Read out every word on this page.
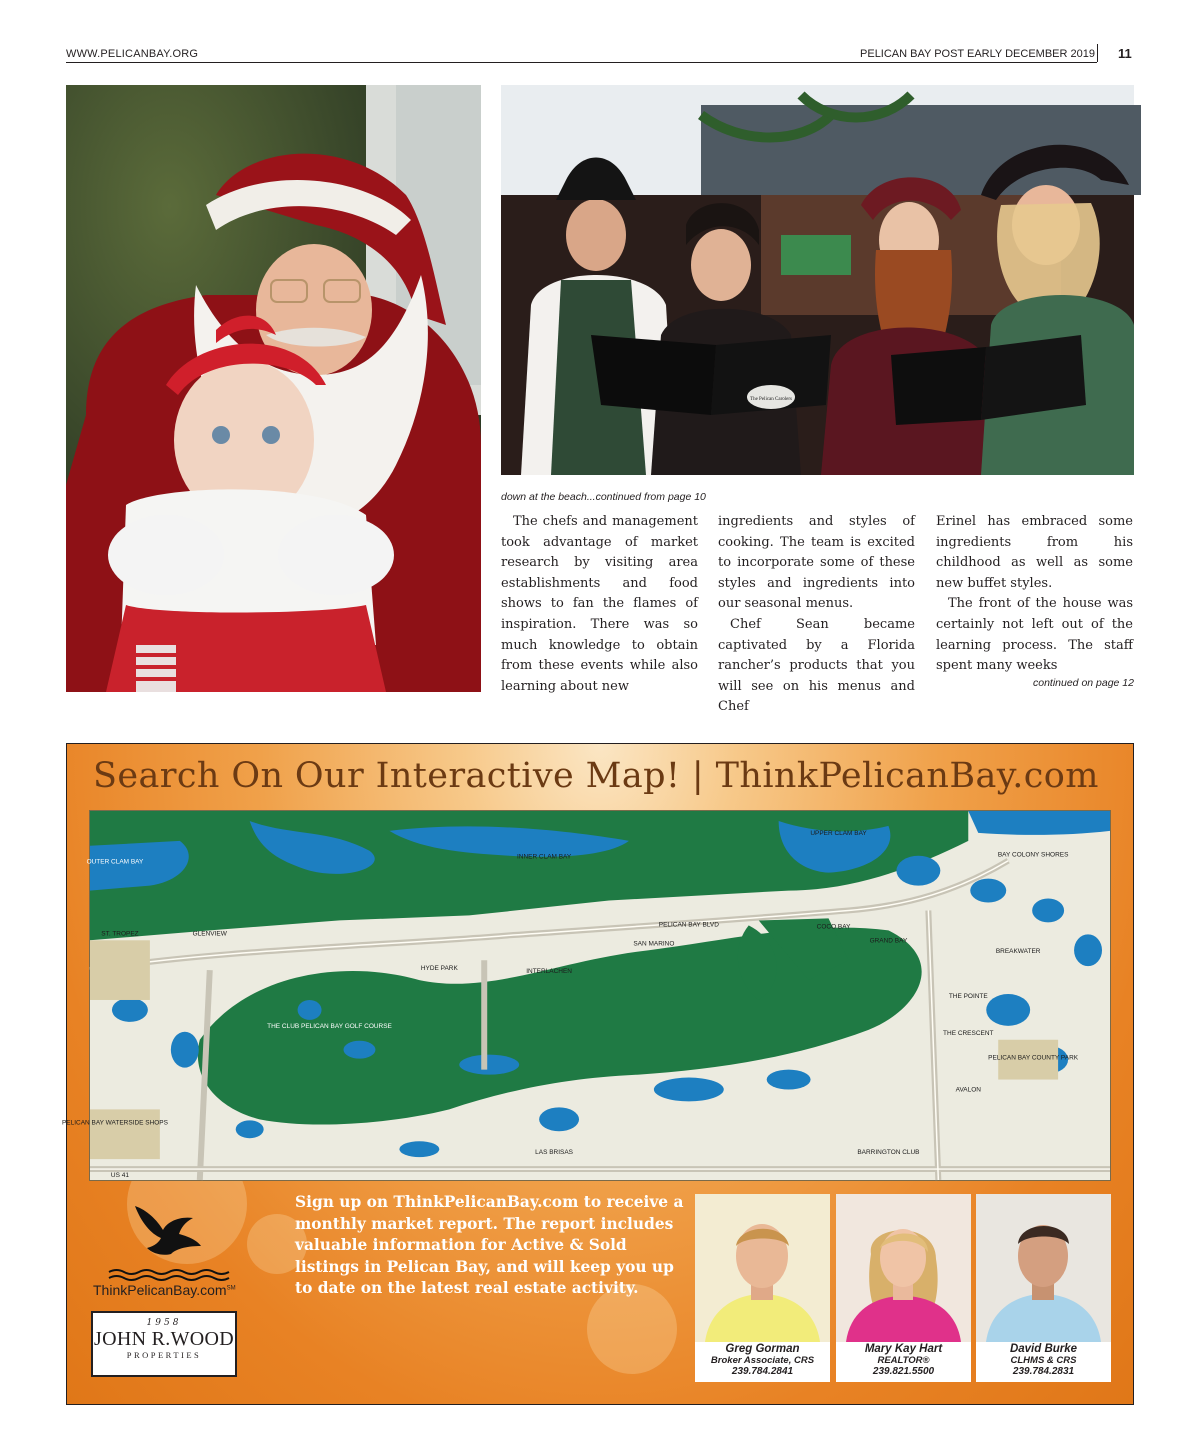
WWW.PELICANBAY.ORG	PELICAN BAY POST EARLY DECEMBER 2019 11
The Pelican Carolers
down at the beach...continued from page 10

The chefs and management took advantage of market research by visiting area establishments and food shows to fan the flames of inspiration. There was so much knowledge to obtain from these events while also learning about new

ingredients and styles of cooking. The team is excited to incorporate some of these styles and ingredients into our seasonal menus.

Chef Sean became captivated by a Florida rancher’s products that you will see on his menus and Chef

Erinel has embraced some ingredients from his childhood as well as some new buffet styles.

The front of the house was certainly not left out of the learning process. The staff spent many weeks

continued on page 12
Search On Our Interactive Map! | ThinkPelicanBay.com
OUTER CLAM BAY
INNER CLAM BAY
UPPER CLAM BAY
PELICAN BAY BLVD
THE CLUB PELICAN BAY GOLF COURSE
PELICAN BAY WATERSIDE SHOPS
US 41
BAY COLONY SHORES
PELICAN BAY COUNTY PARK
THE CRESCENT
THE POINTE
BARRINGTON CLUB
LAS BRISAS
ST. TROPEZ	GLENVIEW
HYDE PARK	INTERLACHEN
SAN MARINO
COCO BAY
GRAND BAY
AVALON
BREAKWATER
ThinkPelicanBay.com℠
1958
JOHN R.WOOD
PROPERTIES
Sign up on ThinkPelicanBay.com to receive a monthly market report. The report includes valuable information for Active & Sold listings in Pelican Bay, and will keep you up to date on the latest real estate activity.
Greg Gorman
Broker Associate, CRS
239.784.2841
Mary Kay Hart
REALTOR®
239.821.5500
David Burke
CLHMS & CRS
239.784.2831
